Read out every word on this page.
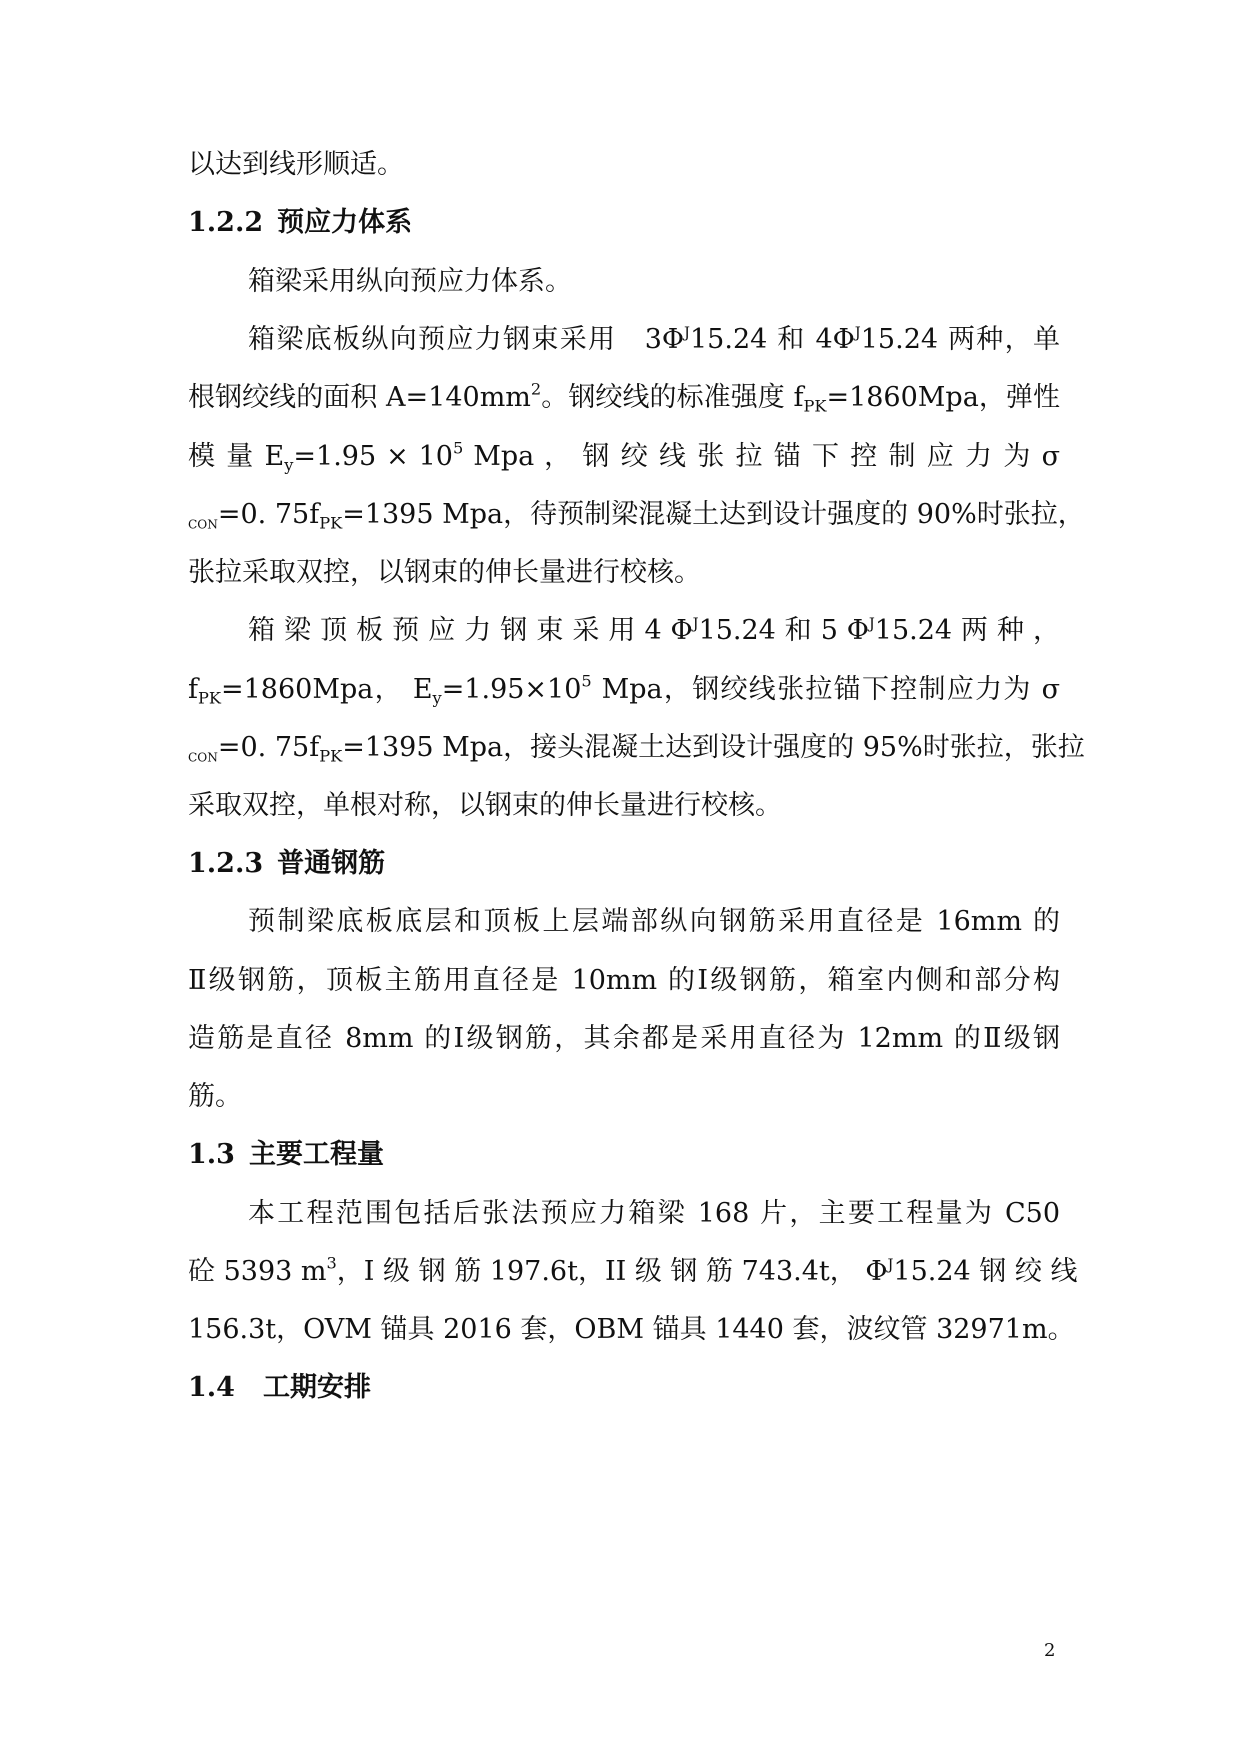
以达到线形顺适。
1.2.2 预应力体系
箱梁采用纵向预应力体系。
箱梁底板纵向预应力钢束采用　$3\Phi^J15.24$ 和 $4\Phi^J15.24$ 两种，单
根钢绞线的面积 $A=140mm^2$。钢绞线的标准强度 $f_{PK}=1860Mpa$，弹性
模 量 $E_y=1.95 \times 10^5$ Mpa ， 钢 绞 线 张 拉 锚 下 控 制 应 力 为 σ
$_{CON}$=0. $75f_{PK}=1395$ Mpa，待预制梁混凝土达到设计强度的 90%时张拉，
张拉采取双控，以钢束的伸长量进行校核。
箱 梁 顶 板 预 应 力 钢 束 采 用 4 $\Phi^J15.24$ 和 5 $\Phi^J15.24$ 两 种 ，
$f_{PK}=1860Mpa$， $E_y=1.95\times 10^5$ Mpa，钢绞线张拉锚下控制应力为 σ
$_{CON}$=0. $75f_{PK}=1395$ Mpa，接头混凝土达到设计强度的 95%时张拉，张拉
采取双控，单根对称，以钢束的伸长量进行校核。
1.2.3 普通钢筋
预制梁底板底层和顶板上层端部纵向钢筋采用直径是 16mm 的
Ⅱ级钢筋，顶板主筋用直径是 10mm 的Ⅰ级钢筋，箱室内侧和部分构
造筋是直径 8mm 的Ⅰ级钢筋，其余都是采用直径为 12mm 的Ⅱ级钢
筋。
1.3 主要工程量
本工程范围包括后张法预应力箱梁 168 片，主要工程量为 C50
砼 5393 $m^3$，I 级 钢 筋 197.6t，II 级 钢 筋 743.4t， $\Phi^J15.24$ 钢 绞 线
156.3t，OVM 锚具 2016 套，OBM 锚具 1440 套，波纹管 32971m。
1.4 工期安排
2
